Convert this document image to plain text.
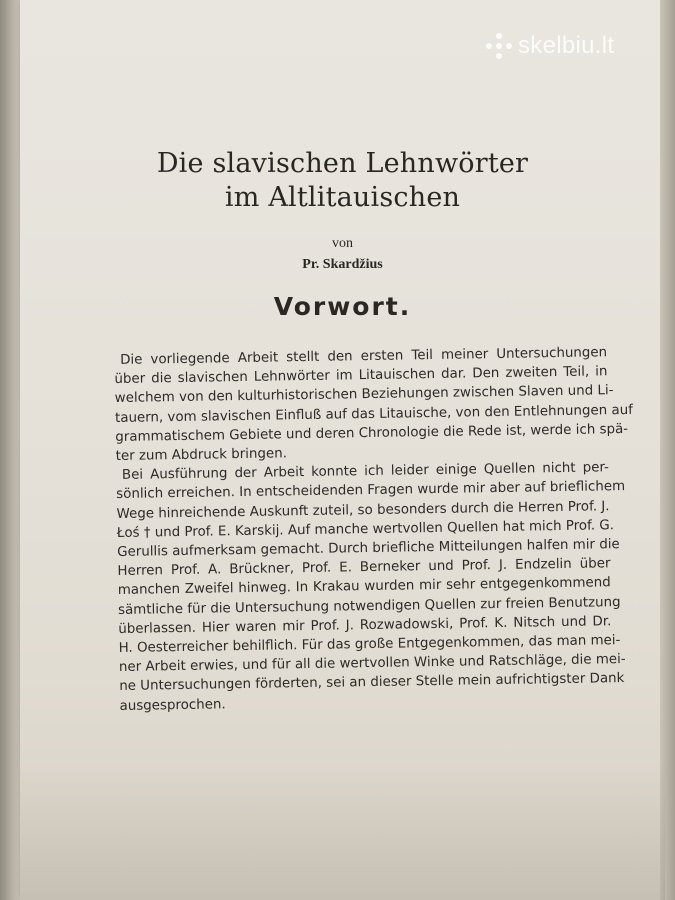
skelbiu.lt
Die slavischen Lehnwörter
im Altlitauischen
von
Pr. Skardžius
Vorwort.
Die vorliegende Arbeit stellt den ersten Teil meiner Untersuchungen
über die slavischen Lehnwörter im Litauischen dar. Den zweiten Teil, in
welchem von den kulturhistorischen Beziehungen zwischen Slaven und Li-
tauern, vom slavischen Einfluß auf das Litauische, von den Entlehnungen auf
grammatischem Gebiete und deren Chronologie die Rede ist, werde ich spä-
ter zum Abdruck bringen.
Bei Ausführung der Arbeit konnte ich leider einige Quellen nicht per-
sönlich erreichen. In entscheidenden Fragen wurde mir aber auf brieflichem
Wege hinreichende Auskunft zuteil, so besonders durch die Herren Prof. J.
Łoś † und Prof. E. Karskij. Auf manche wertvollen Quellen hat mich Prof. G.
Gerullis aufmerksam gemacht. Durch briefliche Mitteilungen halfen mir die
Herren Prof. A. Brückner, Prof. E. Berneker und Prof. J. Endzelin über
manchen Zweifel hinweg. In Krakau wurden mir sehr entgegenkommend
sämtliche für die Untersuchung notwendigen Quellen zur freien Benutzung
überlassen. Hier waren mir Prof. J. Rozwadowski, Prof. K. Nitsch und Dr.
H. Oesterreicher behilflich. Für das große Entgegenkommen, das man mei-
ner Arbeit erwies, und für all die wertvollen Winke und Ratschläge, die mei-
ne Untersuchungen förderten, sei an dieser Stelle mein aufrichtigster Dank
ausgesprochen.
